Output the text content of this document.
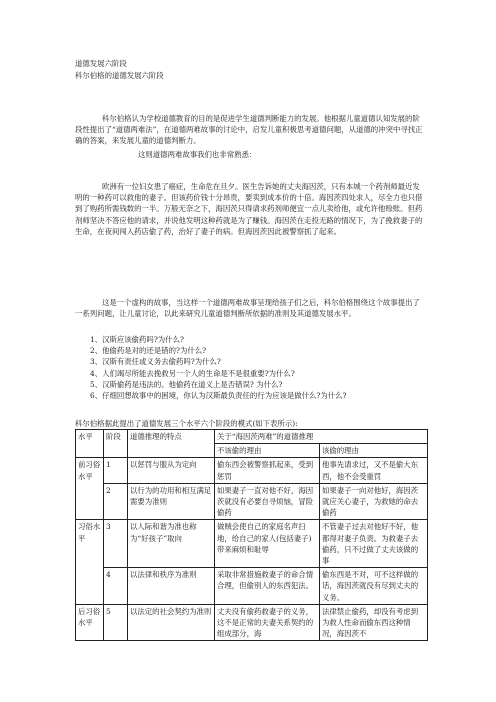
道德发展六阶段
科尔伯格的道德发展六阶段
科尔伯格认为学校道德教育的目的是促进学生道德判断能力的发展。他根据儿童道德认知发展的阶段性提出了“道德两难法”，在道德两难故事的讨论中，启发儿童积极思考道德问题，从道德的冲突中寻找正确的答案，来发展儿童的道德判断力。
这则道德两难故事我们也非常熟悉：
欧洲有一位妇女患了癌症，生命危在旦夕。医生告诉她的丈夫海因茨，只有本城一个药剂师最近发明的一种药可以救他的妻子。但该药价钱十分昂贵，要卖到成本价的十倍。海因茨四处求人，尽全力也只借到了购药所需钱数的一半。万般无奈之下，海因茨只得请求药剂师便宜一点儿卖给他，或允许他赊账。但药剂师坚决不答应他的请求，并说他发明这种药就是为了赚钱。海因茨在走投无路的情况下，为了挽救妻子的生命，在夜间闯入药店偷了药，治好了妻子的病。但海因茨因此被警察抓了起来。
这是一个虚构的故事，当这样一个道德两难故事呈现给孩子们之后，科尔伯格围绕这个故事提出了一系列问题，让儿童讨论，以此来研究儿童道德判断所依据的准则及其道德发展水平。
1、汉斯应该偷药吗?为什么?
2、他偷药是对的还是错的?为什么?
3、汉斯有责任或义务去偷药吗?为什么?
4、人们竭尽所能去挽救另一个人的生命是不是很重要?为什么?
5、汉斯偷药是违法的。他偷药在道义上是否错误? 为什么?
6、仔细回想故事中的困境，你认为汉斯最负责任的行为应该是做什么?为什么?
科尔伯格据此提出了道德发展三个水平六个阶段的模式(如下表所示):
水平	阶段	道德推理的特点	关于“海因茨两难”的道德推理	
			不该偷的理由	该偷的理由
前习俗水平	1	以惩罚与服从为定向	偷东西会被警察抓起来，受到惩罚	他事先请求过，又不是偷大东西，他不会受重罚
	2	以行为的功用和相互满足需要为准则	如果妻子一直对他不好，海因茨就没有必要自寻烦恼，冒险偷药	如果妻子一向对他好，海因茨就应关心妻子，为救她的命去偷药
习俗水平	3	以人际和谐为准也称为“好孩子”取向	做贼会使自己的家庭名声扫地，给自己的家人(包括妻子)带来麻烦和耻辱	不管妻子过去对他好不好，他都得对妻子负责。为救妻子去偷药，只不过做了丈夫该做的事
	4	以法律和秩序为准则	采取非常措施救妻子的命合情合理，但偷别人的东西犯法。	偷东西是不对，可不这样做的话，海因茨就没有尽到丈夫的义务。
后习俗水平	5	以法定的社会契约为准则	丈夫没有偷药救妻子的义务，这不是正常的夫妻关系契约的组成部分，海	法律禁止偷药，却没有考虑到为救人性命而偷东西这种情况，海因茨不
